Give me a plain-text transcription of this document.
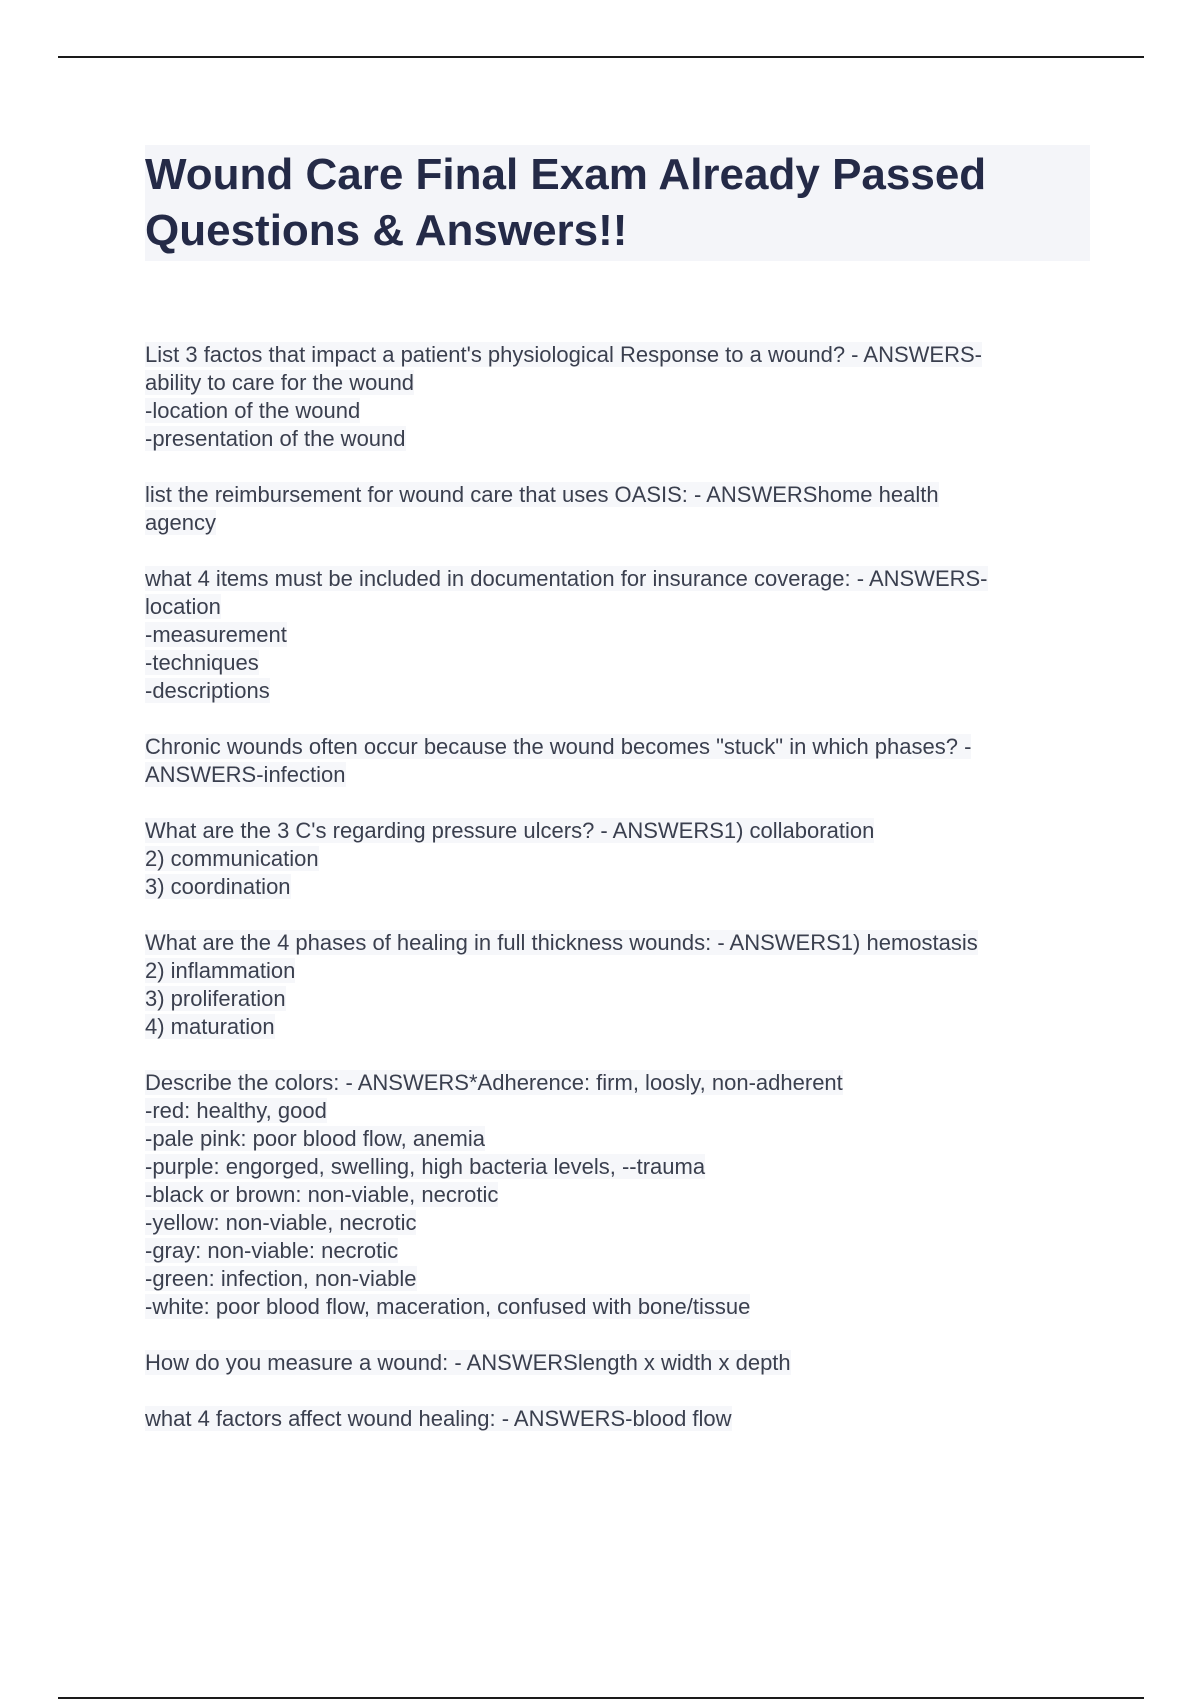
Wound Care Final Exam Already Passed Questions & Answers!!
List 3 factos that impact a patient's physiological Response to a wound? - ANSWERS-
ability to care for the wound
-location of the wound
-presentation of the wound
list the reimbursement for wound care that uses OASIS: - ANSWERShome health
agency
what 4 items must be included in documentation for insurance coverage: - ANSWERS-
location
-measurement
-techniques
-descriptions
Chronic wounds often occur because the wound becomes "stuck" in which phases? -
ANSWERS-infection
What are the 3 C's regarding pressure ulcers? - ANSWERS1) collaboration
2) communication
3) coordination
What are the 4 phases of healing in full thickness wounds: - ANSWERS1) hemostasis
2) inflammation
3) proliferation
4) maturation
Describe the colors: - ANSWERS*Adherence: firm, loosly, non-adherent
-red: healthy, good
-pale pink: poor blood flow, anemia
-purple: engorged, swelling, high bacteria levels, --trauma
-black or brown: non-viable, necrotic
-yellow: non-viable, necrotic
-gray: non-viable: necrotic
-green: infection, non-viable
-white: poor blood flow, maceration, confused with bone/tissue
How do you measure a wound: - ANSWERSlength x width x depth
what 4 factors affect wound healing: - ANSWERS-blood flow
